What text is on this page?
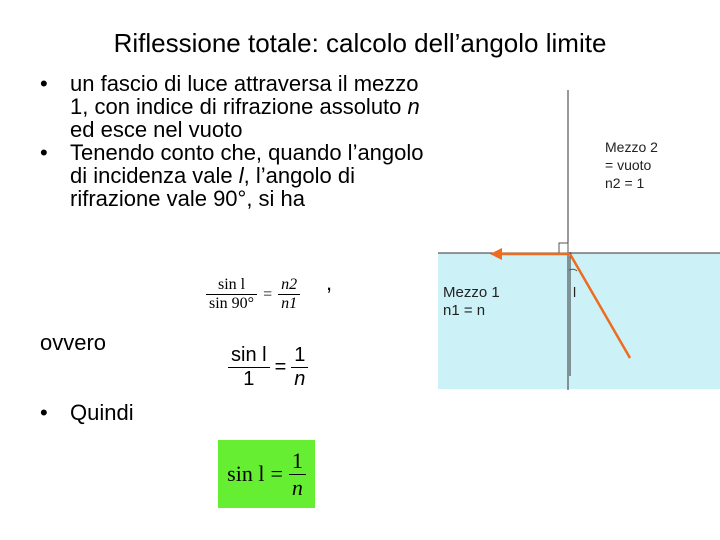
Riflessione totale: calcolo dell’angolo limite
• un fascio di luce attraversa il mezzo 1, con indice di rifrazione assoluto n ed esce nel vuoto
• Tenendo conto che, quando l’angolo di incidenza vale l, l’angolo di rifrazione vale 90°, si ha
$\frac{\text{sin l}}{\sin 90^\circ} = \frac{n2}{n1}$ ,
ovvero
$\frac{\text{sin l}}{1} = \frac{1}{n}$
• Quindi
$\sin l = \frac{1}{n}$
Mezzo 2
= vuoto
n2 = 1
Mezzo 1
n1 = n
l
